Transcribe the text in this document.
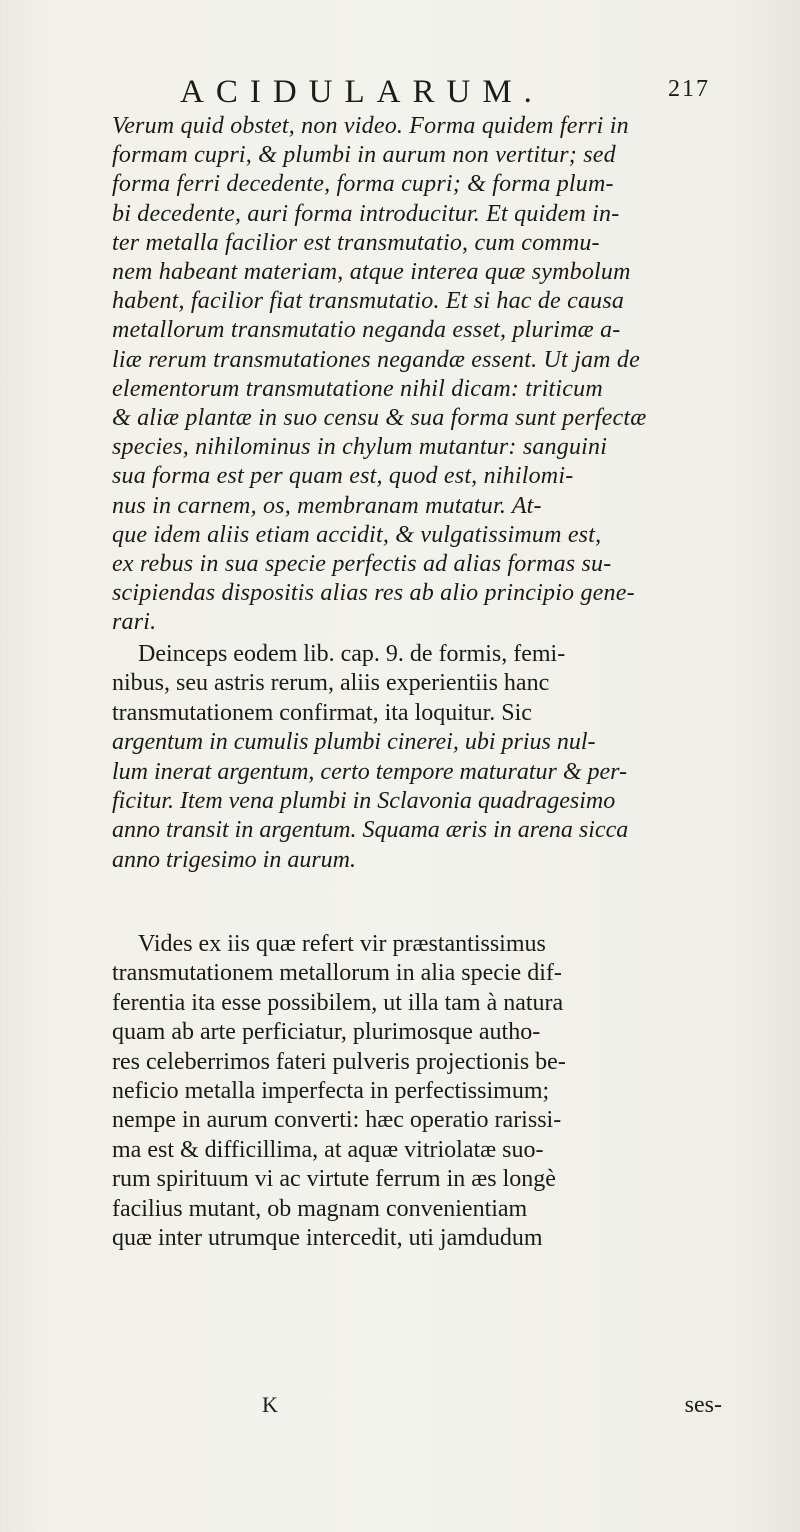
ACIDULARUM.	217
Verum quid obstet, non video. Forma quidem ferri in
formam cupri, & plumbi in aurum non vertitur; sed
forma ferri decedente, forma cupri; & forma plum-
bi decedente, auri forma introducitur. Et quidem in-
ter metalla facilior est transmutatio, cum commu-
nem habeant materiam, atque interea quæ symbolum
habent, facilior fiat transmutatio. Et si hac de causa
metallorum transmutatio neganda esset, plurimæ a-
liæ rerum transmutationes negandæ essent. Ut jam de
elementorum transmutatione nihil dicam: triticum
& aliæ plantæ in suo censu & sua forma sunt perfectæ
species, nihilominus in chylum mutantur: sanguini
sua forma est per quam est, quod est, nihilomi-
nus in carnem, os, membranam mutatur. At-
que idem aliis etiam accidit, & vulgatissimum est,
ex rebus in sua specie perfectis ad alias formas su-
scipiendas dispositis alias res ab alio principio gene-
rari.
Deinceps eodem lib. cap. 9. de formis, femi-
nibus, seu astris rerum, aliis experientiis hanc
transmutationem confirmat, ita loquitur. Sic
argentum in cumulis plumbi cinerei, ubi prius nul-
lum inerat argentum, certo tempore maturatur & per-
ficitur. Item vena plumbi in Sclavonia quadragesimo
anno transit in argentum. Squama æris in arena sicca
anno trigesimo in aurum.
Vides ex iis quæ refert vir præstantissimus
transmutationem metallorum in alia specie dif-
ferentia ita esse possibilem, ut illa tam à natura
quam ab arte perficiatur, plurimosque autho-
res celeberrimos fateri pulveris projectionis be-
neficio metalla imperfecta in perfectissimum;
nempe in aurum converti: hæc operatio rarissi-
ma est & difficillima, at aquæ vitriolatæ suo-
rum spirituum vi ac virtute ferrum in æs longè
facilius mutant, ob magnam convenientiam
quæ inter utrumque intercedit, uti jamdudum
K	ses-
